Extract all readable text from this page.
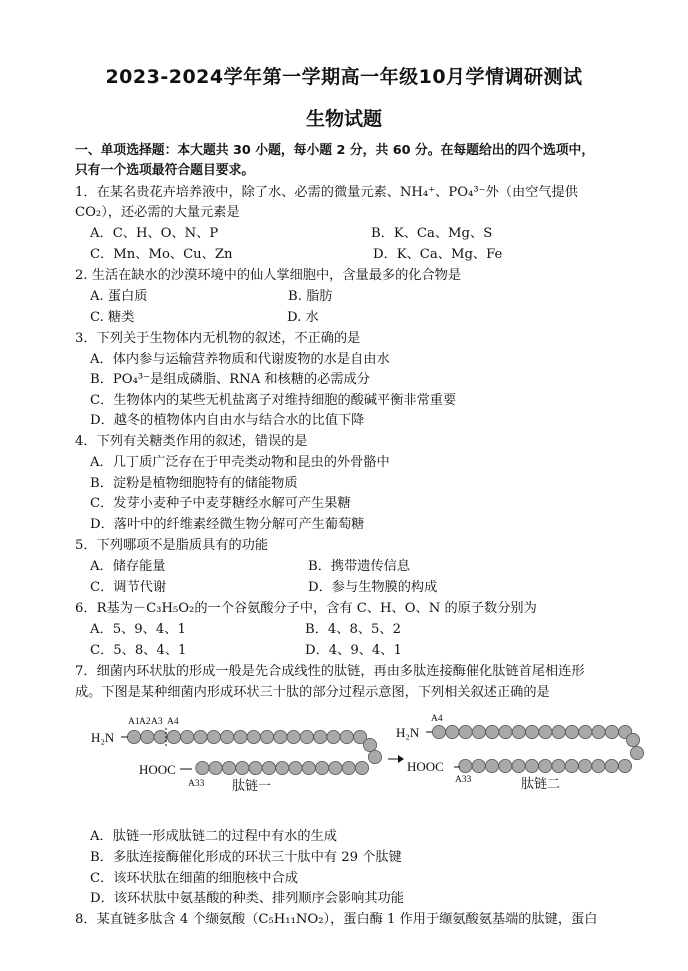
2023-2024学年第一学期高一年级10月学情调研测试
生物试题
一、单项选择题：本大题共 30 小题，每小题 2 分，共 60 分。在每题给出的四个选项中，
只有一个选项最符合题目要求。
1．在某名贵花卉培养液中，除了水、必需的微量元素、NH₄⁺、PO₄³⁻外（由空气提供
CO₂），还必需的大量元素是
A．C、H、O、N、P	B．K、Ca、Mg、S
C．Mn、Mo、Cu、Zn	D．K、Ca、Mg、Fe
2. 生活在缺水的沙漠环境中的仙人掌细胞中，含量最多的化合物是
A. 蛋白质	B. 脂肪
C. 糖类	D. 水
3．下列关于生物体内无机物的叙述，不正确的是
A．体内参与运输营养物质和代谢废物的水是自由水
B．PO₄³⁻是组成磷脂、RNA 和核糖的必需成分
C．生物体内的某些无机盐离子对维持细胞的酸碱平衡非常重要
D．越冬的植物体内自由水与结合水的比值下降
4．下列有关糖类作用的叙述，错误的是
A．几丁质广泛存在于甲壳类动物和昆虫的外骨骼中
B．淀粉是植物细胞特有的储能物质
C．发芽小麦种子中麦芽糖经水解可产生果糖
D．落叶中的纤维素经微生物分解可产生葡萄糖
5．下列哪项不是脂质具有的功能
A．储存能量	B．携带遗传信息
C．调节代谢	D．参与生物膜的构成
6．R基为－C₃H₅O₂的一个谷氨酸分子中，含有 C、H、O、N 的原子数分别为
A．5、9、4、1	B．4、8、5、2
C．5、8、4、1	D．4、9、4、1
7．细菌内环状肽的形成一般是先合成线性的肽链，再由多肽连接酶催化肽链首尾相连形
成。下图是某种细菌内形成环状三十肽的部分过程示意图，下列相关叙述正确的是
H₂N
HOOC
A1 A2 A3 A4
A33 肽链一
H₂N
HOOC
A4
A33	肽链二
A．肽链一形成肽链二的过程中有水的生成
B．多肽连接酶催化形成的环状三十肽中有 29 个肽键
C．该环状肽在细菌的细胞核中合成
D．该环状肽中氨基酸的种类、排列顺序会影响其功能
8．某直链多肽含 4 个缬氨酸（C₅H₁₁NO₂），蛋白酶 1 作用于缬氨酸氨基端的肽键，蛋白
